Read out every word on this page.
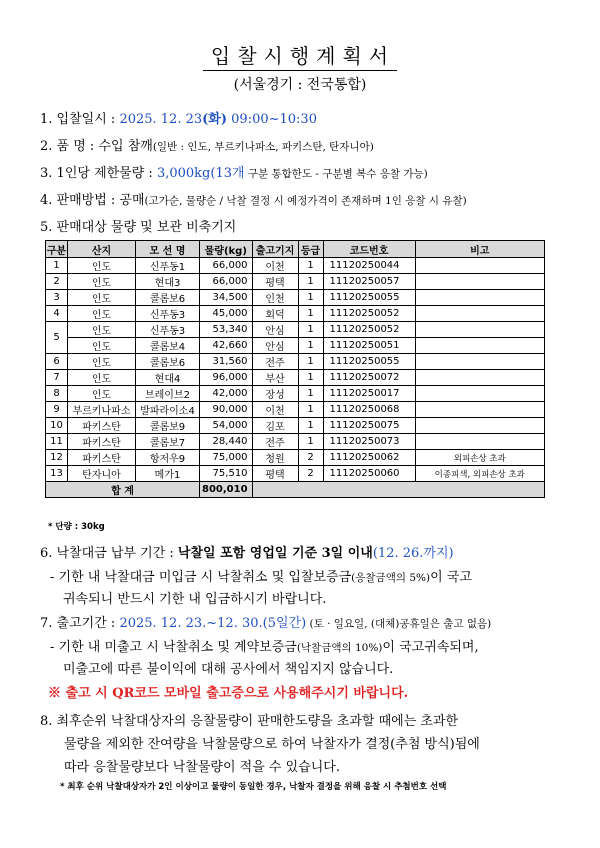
입찰시행계획서
(서울경기 : 전국통합)
1. 입찰일시 : 2025. 12. 23(화) 09:00~10:30
2. 품 명 : 수입 참깨(일반 : 인도, 부르키나파소, 파키스탄, 탄자니아)
3. 1인당 제한물량 : 3,000kg(13개 구분 통합한도 - 구분별 복수 응찰 가능)
4. 판매방법 : 공매(고가순, 물량순 / 낙찰 결정 시 예정가격이 존재하며 1인 응찰 시 유찰)
5. 판매대상 물량 및 보관 비축기지
구분	산지	모 선 명	물량(kg)	출고기지	등급	코드번호	비고
1	인도	신푸동1	66,000	이천	1	11120250044	
2	인도	현대3	66,000	평택	1	11120250057	
3	인도	콜롬보6	34,500	인천	1	11120250055	
4	인도	신푸동3	45,000	회덕	1	11120250052	
5	인도	신푸동3	53,340	안심	1	11120250052	
	인도	콜롬보4	42,660	안심	1	11120250051	
6	인도	콜롬보6	31,560	전주	1	11120250055	
7	인도	현대4	96,000	부산	1	11120250072	
8	인도	브레이브2	42,000	장성	1	11120250017	
9	부르키나파소	발파라이소4	90,000	이천	1	11120250068	
10	파키스탄	콜롬보9	54,000	김포	1	11120250075	
11	파키스탄	콜롬보7	28,440	전주	1	11120250073	
12	파키스탄	항저우9	75,000	청원	2	11120250062	외피손상 초과
13	탄자니아	메가1	75,510	평택	2	11120250060	이종피색, 외피손상 초과
합 계			800,010				
* 단량 : 30kg
6. 낙찰대금 납부 기간 : 낙찰일 포함 영업일 기준 3일 이내(12. 26.까지)
- 기한 내 낙찰대금 미입금 시 낙찰취소 및 입찰보증금(응찰금액의 5%)이 국고
귀속되니 반드시 기한 내 입금하시기 바랍니다.
7. 출고기간 : 2025. 12. 23.~12. 30.(5일간) (토 · 일요일, (대체)공휴일은 출고 없음)
- 기한 내 미출고 시 낙찰취소 및 계약보증금(낙찰금액의 10%)이 국고귀속되며,
미출고에 따른 불이익에 대해 공사에서 책임지지 않습니다.
※ 출고 시 QR코드 모바일 출고증으로 사용해주시기 바랍니다.
8. 최후순위 낙찰대상자의 응찰물량이 판매한도량을 초과할 때에는 초과한
물량을 제외한 잔여량을 낙찰물량으로 하여 낙찰자가 결정(추첨 방식)됨에
따라 응찰물량보다 낙찰물량이 적을 수 있습니다.
* 최후 순위 낙찰대상자가 2인 이상이고 물량이 동일한 경우, 낙찰자 결정을 위해 응찰 시 추첨번호 선택
